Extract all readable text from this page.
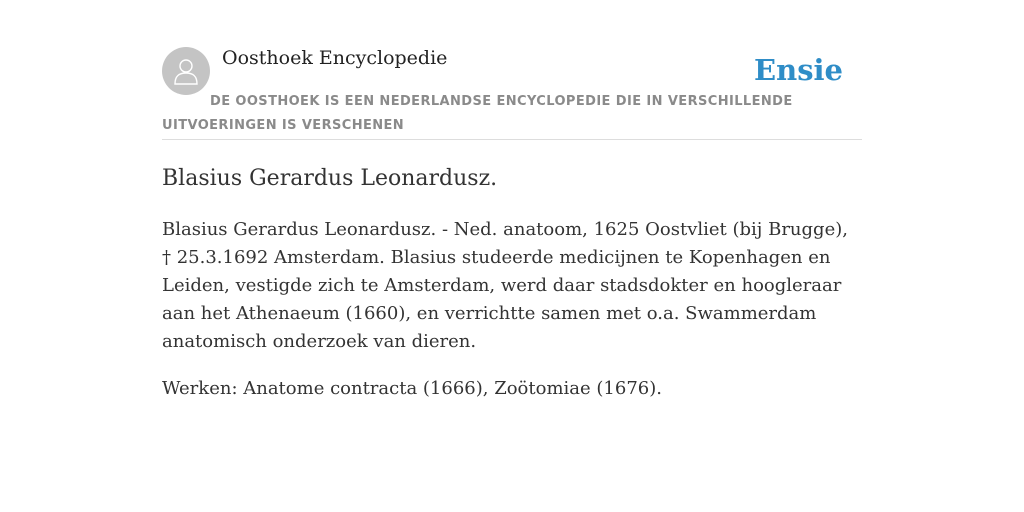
Oosthoek Encyclopedie	Ensie
DE OOSTHOEK IS EEN NEDERLANDSE ENCYCLOPEDIE DIE IN VERSCHILLENDE UITVOERINGEN IS VERSCHENEN
Blasius Gerardus Leonardusz.

Blasius Gerardus Leonardusz. - Ned. anatoom, 1625 Oostvliet (bij Brugge), † 25.3.1692 Amsterdam. Blasius studeerde medicijnen te Kopenhagen en Leiden, vestigde zich te Amsterdam, werd daar stadsdokter en hoogleraar aan het Athenaeum (1660), en verrichtte samen met o.a. Swammerdam anatomisch onderzoek van dieren.

Werken: Anatome contracta (1666), Zoötomiae (1676).
